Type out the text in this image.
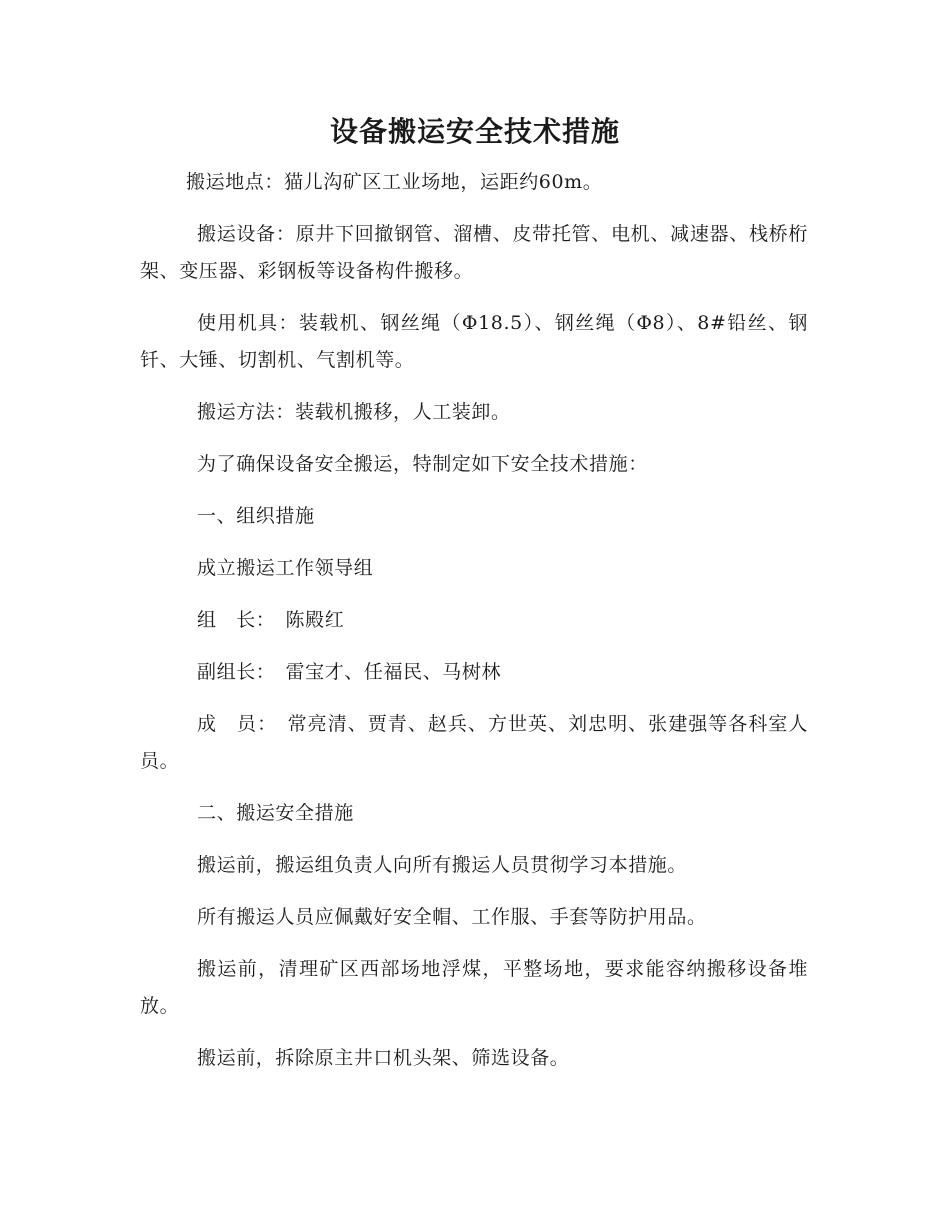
设备搬运安全技术措施

搬运地点：猫儿沟矿区工业场地，运距约60m。

搬运设备：原井下回撤钢管、溜槽、皮带托管、电机、减速器、栈桥桁架、变压器、彩钢板等设备构件搬移。

使用机具：装载机、钢丝绳（Φ18.5）、钢丝绳（Φ8）、8#铅丝、钢钎、大锤、切割机、气割机等。

搬运方法：装载机搬移，人工装卸。

为了确保设备安全搬运，特制定如下安全技术措施：

一、组织措施

成立搬运工作领导组

组　长：　陈殿红

副组长：　雷宝才、任福民、马树林

成　员：　常亮清、贾青、赵兵、方世英、刘忠明、张建强等各科室人员。

二、搬运安全措施

搬运前，搬运组负责人向所有搬运人员贯彻学习本措施。

所有搬运人员应佩戴好安全帽、工作服、手套等防护用品。

搬运前，清理矿区西部场地浮煤，平整场地，要求能容纳搬移设备堆放。

搬运前，拆除原主井口机头架、筛选设备。
